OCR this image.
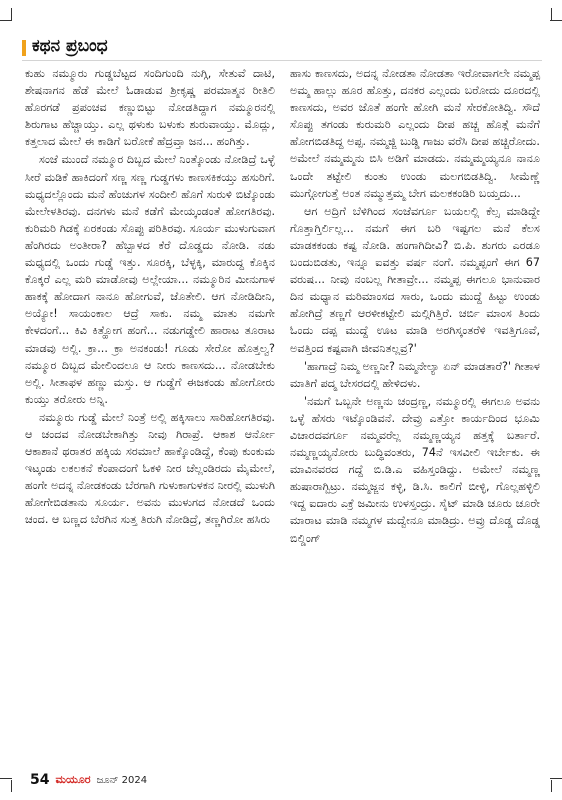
ಕಥನ ಪ್ರಬಂಧ

ಕುಹು ನಮ್ಮೂರು ಗುಡ್ಡಬೆಟ್ಟದ ಸಂದಿಗುಂದಿ ನುಗ್ಗಿ, ಸೇತುವೆ ದಾಟಿ, ಶೇಷನಾಗನ ಹೆಡೆ ಮೇಲೆ ಓಡಾಡುವ ಶ್ರೀಕೃಷ್ಣ ಪರಮಾತ್ಮನ ರೀತಿಲಿ ಹೊರಗಡೆ ಪ್ರಪಂಚವ ಕಣ್ಣುಬಿಟ್ಟು ನೋಡತಿದ್ದಾಗ ನಮ್ಮೂರನಲ್ಲಿ ಶಿರುಗಾಟ ಹೆಚ್ಚಾಯ್ತು. ಎಲ್ಲ ಥಳುಕು ಬಳುಕು ಶುರುವಾಯ್ತು. ಮೊದ್ಲು, ಕತ್ತಲಾದ ಮೇಲೆ ಈ ಕಾಡಿಗೆ ಬರೋಕೆ ಹೆದ್ರವ್ತಾ ಜನ... ಹಂಗಿತ್ತು.

ಸಂಜೆ ಮುಂದೆ ನಮ್ಮೂರ ದಿಬ್ಬದ ಮೇಲೆ ನಿಂತ್ಕೊಂಡು ನೋಡಿದ್ರೆ ಒಳ್ಳೆ ಸೀರೆ ಮಡಿಕೆ ಹಾಕಿದಂಗೆ ಸಣ್ಣ ಸಣ್ಣ ಗುಡ್ಡಗಳು ಕಾಣಸಕಿಕಯ್ತು ಹಸುರಿಗೆ. ಮಧ್ಯದಲ್ಲೊಂದು ಮನೆ ಹೆಂಚುಗಳ ಸಂದೀಲಿ ಹೊಗೆ ಸುರುಳಿ ಬಿಟ್ಕೊಂಡು ಮೇಲೇಳತಿರವು. ದನಗಳು ಮನೆ ಕಡೆಗೆ ಮೇಯ್ಕಂಡಂತೆ ಹೋಗತಿರವು. ಕುರಿಮರಿ ಗಿಡಕ್ಕೆ ಏರಕಂಡು ಸೊಪ್ಪು ಪರಿತಿರವು. ಸೂರ್ಯ ಮುಳುಗುವಾಗ ಹೆಂಗಿರದು ಅಂತೀರಾ? ಹೆಬ್ಬಾಳದ ಕೆರೆ ದೊಡ್ಡದು ನೋಡಿ. ನಡು ಮಧ್ಯದಲ್ಲಿ ಒಂದು ಗುಡ್ಡೆ ಇತ್ತು. ಸೂರಕ್ಕಿ, ಬೆಳ್ಳಕ್ಕಿ, ಮಾರುದ್ದ ಕೊಕ್ಕಿನ ಕೊಕ್ಕರೆ ಎಲ್ಲ ಮರಿ ಮಾಡೋವು ಅಲ್ಲೇಯಾ... ನಮ್ಮೂರಿನ ಮೀನುಗಾಳ ಹಾಕಕ್ಕೆ ಹೋದಾಗ ನಾನೂ ಹೋಗುವೆ, ಜೊತೇಲಿ. ಆಗ ನೋಡಿದೀನಿ, ಅಯ್ಯೋ! ಸಾಯಂಕಾಲ ಆದ್ರೆ ಸಾಕು. ನಮ್ಮ ಮಾತು ನಮಗೇ ಕೇಳದಂಗೆ... ಕಿವಿ ಕಿತ್ಹೋಗ ಹಂಗೆ... ನಡುಗಡ್ಡೇಲಿ ಹಾರಾಟ ತೂರಾಟ ಮಾಡವು ಅಲ್ಲಿ. ಕ್ರಾ... ಕ್ರಾ ಅನಕಂಡು! ಗೂಡು ಸೇರೋ ಹೊತ್ತಲ್ವ? ನಮ್ಮೂರ ದಿಬ್ಬದ ಮೇಲಿಂದಲೂ ಆ ನೀರು ಕಾಣಸದು... ನೋಡಬೇಕು ಅಲ್ಲಿ. ಸೀತಾಫಳ ಹಣ್ಣು ಮಸ್ತು. ಆ ಗುಡ್ಡೆಗೆ ಈಜಕಂಡು ಹೋಗೋರು ಕುಯ್ತು ತರೋರು ಅನ್ನಿ.

ನಮ್ಮೂರು ಗುಡ್ಡೆ ಮೇಲೆ ನಿಂತ್ರೆ ಅಲ್ಲಿ ಹಕ್ಕಿಸಾಲು ಸಾರಿಹೋಗತಿರವು. ಆ ಚಂದವ ನೋಡಬೇಕಾಗಿತ್ತು ನೀವು ಗಿರಾಪ್ರೆ. ಆಕಾಶ ಆರ್ನೋ ಆಕಾಶಾನೆ ಥರಾತರ ಹಕ್ಕಿಯ ಸರಮಾಲೆ ಹಾಕ್ಕೊಂಡಿದ್ದೆ, ಕೆಂಪು ಕುಂಕುಮ ಇಟ್ಕಂಡು ಲಕಲಕನೆ ಕೆಂಪಾದಂಗೆ ಓಕಳಿ ನೀರ ಚೆಲ್ಲಂಡಿರದು ಮೈಮೇಲೆ, ಹಂಗೇ ಅದನ್ನ ನೋಡಕಂಡು ಬೆರಗಾಗಿ ಗುಳುಕಾಗುಳಕನ ನೀರಲ್ಲಿ ಮುಳುಗಿ ಹೋಗೇಬಿಡತಾನು ಸೂರ್ಯ. ಅವನು ಮುಳುಗದ ನೋಡದೆ ಒಂದು ಚಂದ. ಆ ಬಣ್ಣದ ಬೆರಗಿನ ಸುತ್ತ ತಿರುಗಿ ನೋಡಿದ್ರೆ, ತಣ್ಣಗಿರೋ ಹಸಿರು

ಹಾಸು ಕಾಣಸದು, ಅದನ್ನ ನೋಡತಾ ನೋಡತಾ ಇರೋವಾಗಲೇ ನಮ್ಮಪ್ಪ ಅಮ್ಮ ಹಾಲ್ಲು ಹೂರ ಹೊತ್ತು, ದನಕರ ಎಲ್ಲಂದು ಬರೋದು ದೂರದಲ್ಲಿ ಕಾಣಸದು, ಅವರ ಜೊತೆ ಹಂಗೇ ಹೋಗಿ ಮನೆ ಸೇರಕೋತಿದ್ವಿ. ಸೌದೆ ಸೊಪ್ಪು ತಗಂಡು ಕುರುಮರಿ ಎಲ್ಲಂದು ದೀಪ ಹಚ್ಚ ಹೊತ್ಗೆ ಮನೆಗೆ ಹೋಗಬಿಡತಿದ್ದ ಅಪ್ಪ. ನಮ್ಮಜ್ಜಿ ಬುಡ್ಡಿ ಗಾಜು ವರೆಸಿ ದೀಪ ಹಚ್ಚಿರೋದು. ಅಮೇಲೆ ನಮ್ಮಮ್ಮನು ಬಿಸಿ ಅಡಿಗೆ ಮಾಡದು. ನಮ್ಮಮ್ಮಯ್ಯನೂ ನಾನೂ ಒಂದೇ ತಟ್ಟೇಲಿ ಕುಂತು ಉಂಡು ಮಲಗಬಿಡತಿದ್ವಿ. ಸೀಮೆಣ್ಣೆ ಮುಗ್ಗೋಗುತ್ತೆ ಅಂತ ನಮ್ಮುತ್ತಮ್ಮ ಬೇಗ ಮಲಕಕಂಡಿರಿ ಬಯ್ತದು...

ಆಗ ಅದ್ರಿಗೆ ಬೆಳಿಗಿಂದ ಸಂಜೆವರ್ಗೂ ಬಯಲಲ್ಲಿ ಕೆಲ್ಸ ಮಾಡಿದ್ದೇ ಗೊತ್ತಾಗ್ತಿರ್ಲಿಲ್ಲ... ನಮಗೆ ಈಗ ಬರಿ ಇಷ್ಟಗಲ ಮನೆ ಕೆಲಸ ಮಾಡಕಕಂಡು ಕಷ್ಟ ನೋಡಿ. ಹಂಗಾಗಿದೀವಿ? ಬಿ.ಪಿ. ಶುಗರು ಎರಡೂ ಬಂದುಬಿಡತು, ಇನ್ನೂ ಐವತ್ತು ವರ್ಷ ನಂಗೆ. ನಮ್ಮಪ್ಪಂಗೆ ಈಗ 67 ವರುಷ... ನೀವು ನಂಬಲ್ಲ ಗೀತಾವ್ರೇ... ನಮ್ಮಪ್ಪ ಈಗಲೂ ಭಾನುವಾರ ದಿನ ಮಧ್ಯಾನ ಮರಿಮಾಂಸದ ಸಾರು, ಒಂದು ಮುದ್ದೆ ಹಿಟ್ಟು ಉಂಡು ಹೋಗಿದ್ರೆ ತಣ್ಣಗೆ ಆರಳೀಕಟ್ಟೇಲಿ ಮಲ್ಗಿಗಿತ್ತಿರೆ. ಚರ್ಬಿ ಮಾಂಸ ತಿಂದು ಓಂದು ದಪ್ಪ ಮುದ್ದೆ ಊಟ ಮಾಡಿ ಅರಗಿಸ್ಕಂತರೆಳಿ ಇವತ್ತಿಗೂವೆ, ಅವತ್ತಿಂದ ಕಷ್ಟವಾಗಿ ಜೀವನಿತಲ್ಲವ್ರ?'

'ಹಾಗಾದ್ರೆ ನಿಮ್ಮ ಅಣ್ಣನೀ? ನಿಮ್ಮನೇಲ್ಯಾ ಏನ್ ಮಾಡತಾರೆ?' ಗೀತಾಳ ಮಾತಿಗೆ ಪದ್ಮ ಬೇಸರದಲ್ಲಿ ಹೇಳಿದಳು.

'ನಮಗೆ ಒಬ್ಬನೇ ಅಣ್ಣನು ಚಂದ್ರಣ್ಣ, ನಮ್ಮೂರಲ್ಲಿ ಈಗಲೂ ಅವನು ಒಳ್ಳೆ ಹೆಸರು ಇಟ್ಕೊಂಡಿವನೆ. ದೇವ್ರು ಎತ್ತೋ ಕಾರ್ಯದಿಂದ ಭೂಮಿ ವಿಚಾರದವರ್ಗೂ ನಮ್ಮವರೆಲ್ಲ ನಮ್ಮಣ್ಣಯ್ಯನ ಹತ್ತಕ್ಕೆ ಬರ್ತಾರೆ. ನಮ್ಮಣ್ಣಯ್ಯನೋರು ಬುದ್ಧಿವಂತರು, 74ನೆ ಇಸವೀಲಿ ಇರ್ಬೇಕು. ಈ ಮಾವಿನವರದ ಗದ್ದೆ ಬಿ.ಡಿ.ಎ ವಹಿಸ್ತಂಡಿದ್ದು. ಅಮೇಲೆ ನಮ್ಮಣ್ಣ ಹುಷಾರಾಗ್ಬಿಟ್ರು. ನಮ್ಮಜ್ಜನ ಕಳ್ಳಿ, ಡಿ.ಸಿ. ಕಾಲಿಗೆ ಬೀಳ್ಳಿ, ಗೊಲ್ಲಹಳ್ಳಿಲಿ ಇದ್ದ ಐದಾರು ಎಕ್ರೆ ಜಮೀನು ಉಳಸ್ತಂದ್ರು. ಸೈಟ್ ಮಾಡಿ ಚೂರು ಚೂರೇ ಮಾರಾಟ ಮಾಡಿ ನಮ್ಮಗಳ ಮದ್ವೇನೂ ಮಾಡಿದ್ರು. ಅವ್ರು ದೊಡ್ಡ ದೊಡ್ಡ ಬಿಲ್ಡಿಂಗ್

54 ಮಯೂರ ಜೂನ್ 2024
